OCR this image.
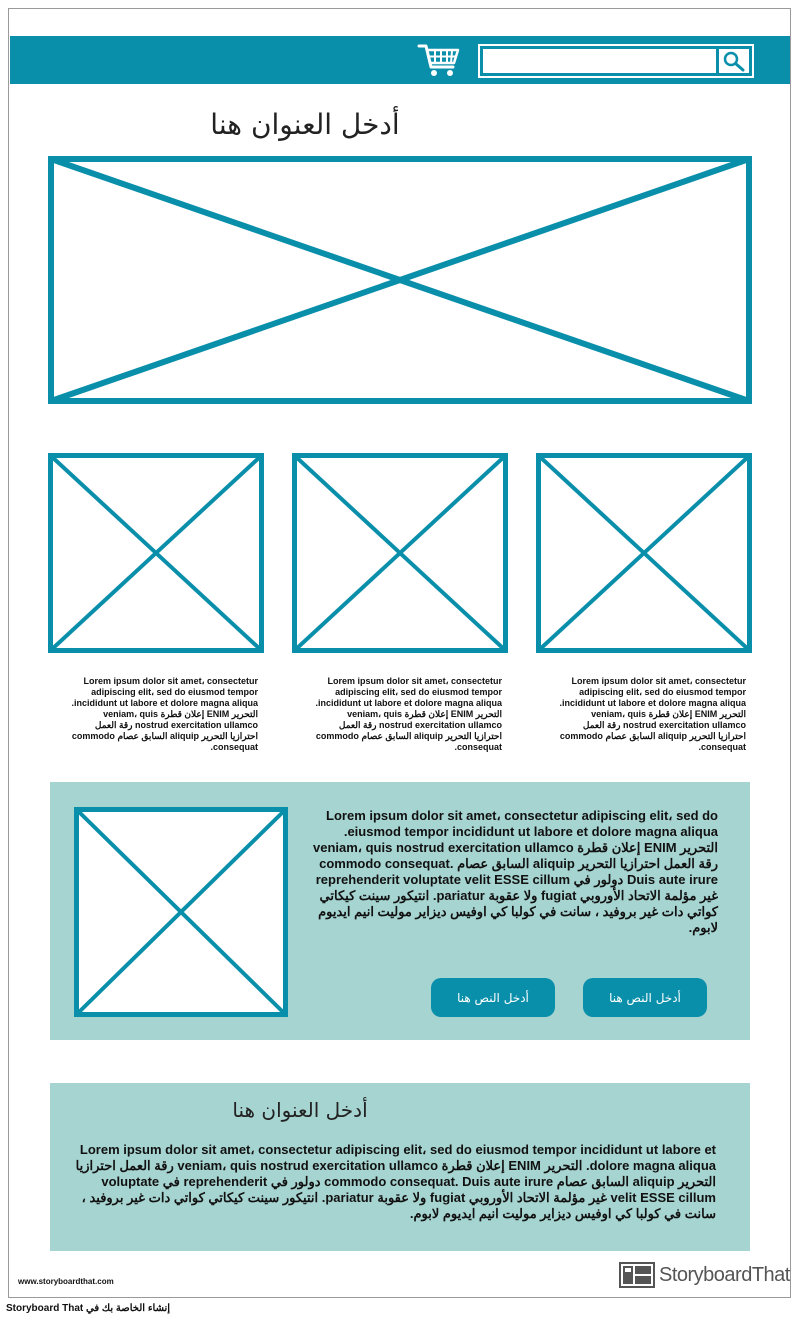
أدخل العنوان هنا
Lorem ipsum dolor sit amet، consectetur adipiscing elit، sed do eiusmod tempor incididunt ut labore et dolore magna aliqua. التحرير ENIM إعلان قطرة veniam، quis nostrud exercitation ullamco رقة العمل احترازيا التحرير aliquip السابق عصام commodo consequat.
Lorem ipsum dolor sit amet، consectetur adipiscing elit، sed do eiusmod tempor incididunt ut labore et dolore magna aliqua. التحرير ENIM إعلان قطرة veniam، quis nostrud exercitation ullamco رقة العمل احترازيا التحرير aliquip السابق عصام commodo consequat.
Lorem ipsum dolor sit amet، consectetur adipiscing elit، sed do eiusmod tempor incididunt ut labore et dolore magna aliqua. التحرير ENIM إعلان قطرة veniam، quis nostrud exercitation ullamco رقة العمل احترازيا التحرير aliquip السابق عصام commodo consequat.
Lorem ipsum dolor sit amet، consectetur adipiscing elit، sed do eiusmod tempor incididunt ut labore et dolore magna aliqua. التحرير ENIM إعلان قطرة veniam، quis nostrud exercitation ullamco رقة العمل احترازيا التحرير aliquip السابق عصام commodo consequat. Duis aute irure دولور في reprehenderit voluptate velit ESSE cillum غير مؤلمة الاتحاد الأوروبي fugiat ولا عقوبة pariatur. انتيكور سينت كيكاتي كواتي دات غير بروفيد ، سانت في كولبا كي اوفيس ديزاير موليت انيم ايديوم لابوم.
أدخل النص هنا	أدخل النص هنا
أدخل العنوان هنا
Lorem ipsum dolor sit amet، consectetur adipiscing elit، sed do eiusmod tempor incididunt ut labore et dolore magna aliqua. التحرير ENIM إعلان قطرة veniam، quis nostrud exercitation ullamco رقة العمل احترازيا التحرير aliquip السابق عصام commodo consequat. Duis aute irure دولور في reprehenderit في voluptate velit ESSE cillum غير مؤلمة الاتحاد الأوروبي fugiat ولا عقوبة pariatur. انتيكور سينت كيكاتي كواتي دات غير بروفيد ، سانت في كولبا كي اوفيس ديزاير موليت انيم ايديوم لابوم.
www.storyboardthat.com	StoryboardThat
إنشاء الخاصة بك في Storyboard That
